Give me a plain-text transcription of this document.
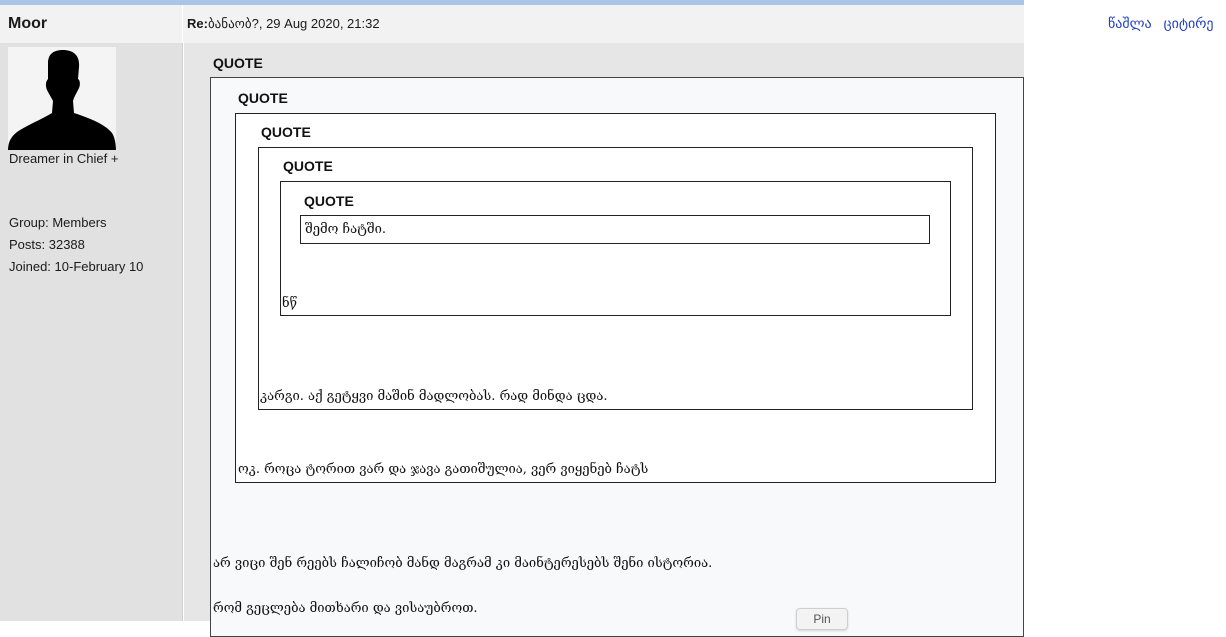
Moor	Re:ბანაობ?, 29 Aug 2020, 21:32	წაშლა ციტირე
Dreamer in Chief +
Group: Members
Posts: 32388
Joined: 10-February 10
QUOTE
QUOTE
QUOTE
QUOTE
QUOTE
შემო ჩატში.
ნწ
კარგი. აქ გეტყვი მაშინ მადლობას. რად მინდა ცდა.
ოკ. როცა ტორით ვარ და ჯავა გათიშულია, ვერ ვიყენებ ჩატს
არ ვიცი შენ რეებს ჩალიჩობ მანდ მაგრამ კი მაინტერესებს შენი ისტორია.
რომ გეცლება მითხარი და ვისაუბროთ.
Pin
